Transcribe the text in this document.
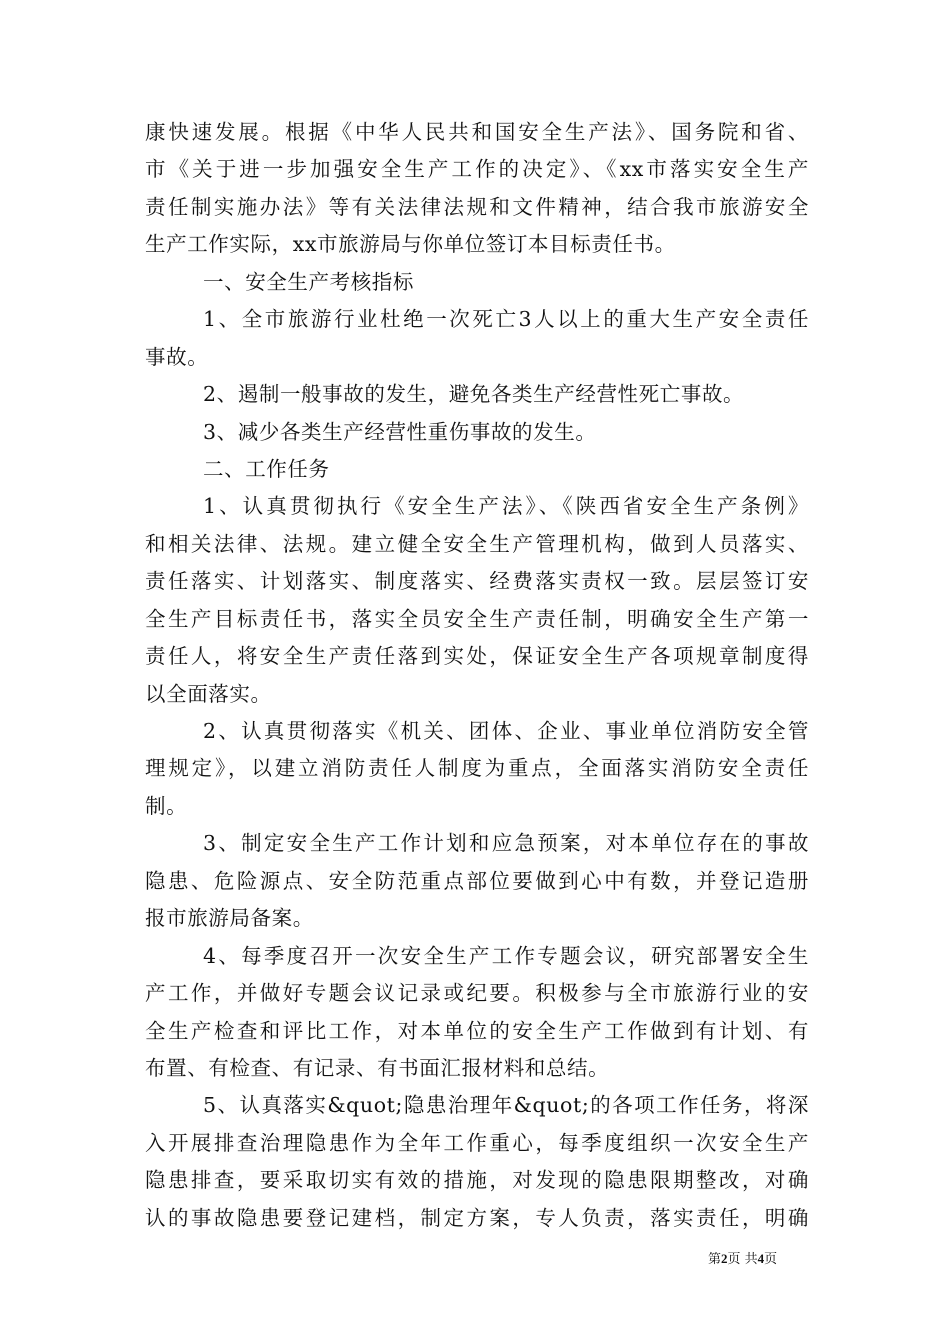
康快速发展。根据《中华人民共和国安全生产法》、国务院和省、
市《关于进一步加强安全生产工作的决定》、《xx市落实安全生产
责任制实施办法》等有关法律法规和文件精神，结合我市旅游安全
生产工作实际，xx市旅游局与你单位签订本目标责任书。
一、安全生产考核指标
1、全市旅游行业杜绝一次死亡3人以上的重大生产安全责任
事故。
2、遏制一般事故的发生，避免各类生产经营性死亡事故。
3、减少各类生产经营性重伤事故的发生。
二、工作任务
1、认真贯彻执行《安全生产法》、《陕西省安全生产条例》
和相关法律、法规。建立健全安全生产管理机构，做到人员落实、
责任落实、计划落实、制度落实、经费落实责权一致。层层签订安
全生产目标责任书，落实全员安全生产责任制，明确安全生产第一
责任人，将安全生产责任落到实处，保证安全生产各项规章制度得
以全面落实。
2、认真贯彻落实《机关、团体、企业、事业单位消防安全管
理规定》，以建立消防责任人制度为重点，全面落实消防安全责任
制。
3、制定安全生产工作计划和应急预案，对本单位存在的事故
隐患、危险源点、安全防范重点部位要做到心中有数，并登记造册
报市旅游局备案。
4、每季度召开一次安全生产工作专题会议，研究部署安全生
产工作，并做好专题会议记录或纪要。积极参与全市旅游行业的安
全生产检查和评比工作，对本单位的安全生产工作做到有计划、有
布置、有检查、有记录、有书面汇报材料和总结。
5、认真落实&quot;隐患治理年&quot;的各项工作任务，将深
入开展排查治理隐患作为全年工作重心，每季度组织一次安全生产
隐患排查，要采取切实有效的措施，对发现的隐患限期整改，对确
认的事故隐患要登记建档，制定方案，专人负责，落实责任，明确
第2页 共4页
